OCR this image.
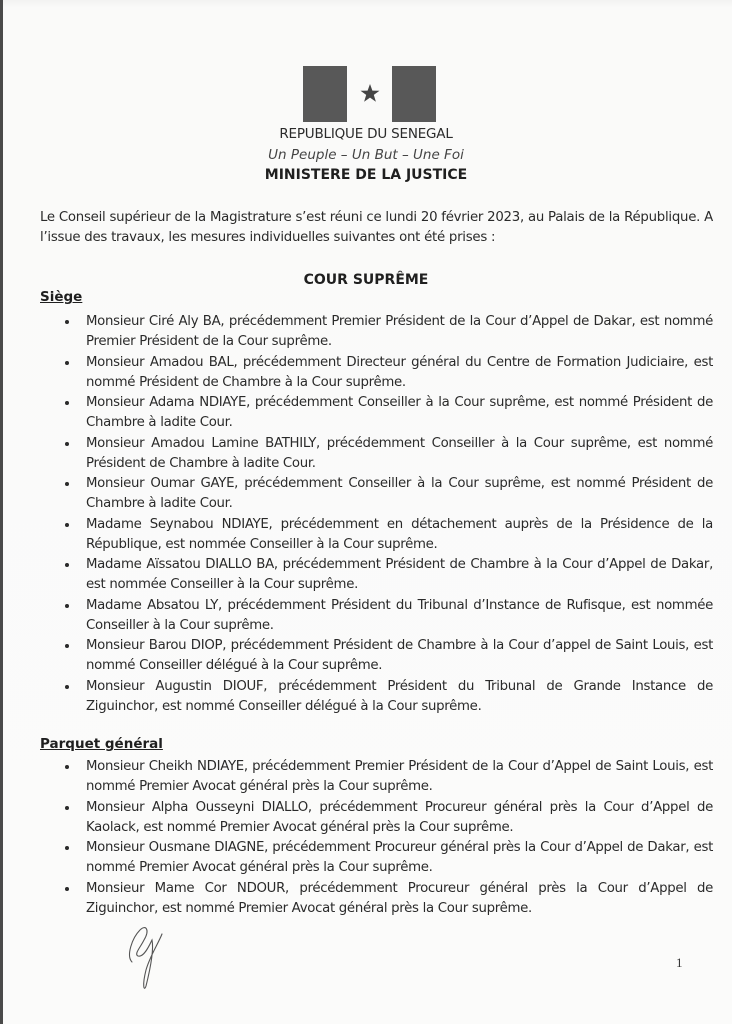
REPUBLIQUE DU SENEGAL
Un Peuple – Un But – Une Foi
MINISTERE DE LA JUSTICE
Le Conseil supérieur de la Magistrature s’est réuni ce lundi 20 février 2023, au Palais de la République. A l’issue des travaux, les mesures individuelles suivantes ont été prises :
COUR SUPRÊME
Siège
Monsieur Ciré Aly BA, précédemment Premier Président de la Cour d’Appel de Dakar, est nommé Premier Président de la Cour suprême.
Monsieur Amadou BAL, précédemment Directeur général du Centre de Formation Judiciaire, est nommé Président de Chambre à la Cour suprême.
Monsieur Adama NDIAYE, précédemment Conseiller à la Cour suprême, est nommé Président de Chambre à ladite Cour.
Monsieur Amadou Lamine BATHILY, précédemment Conseiller à la Cour suprême, est nommé Président de Chambre à ladite Cour.
Monsieur Oumar GAYE, précédemment Conseiller à la Cour suprême, est nommé Président de Chambre à ladite Cour.
Madame Seynabou NDIAYE, précédemment en détachement auprès de la Présidence de la République, est nommée Conseiller à la Cour suprême.
Madame Aïssatou DIALLO BA, précédemment Président de Chambre à la Cour d’Appel de Dakar, est nommée Conseiller à la Cour suprême.
Madame Absatou LY, précédemment Président du Tribunal d’Instance de Rufisque, est nommée Conseiller à la Cour suprême.
Monsieur Barou DIOP, précédemment Président de Chambre à la Cour d’appel de Saint Louis, est nommé Conseiller délégué à la Cour suprême.
Monsieur Augustin DIOUF, précédemment Président du Tribunal de Grande Instance de Ziguinchor, est nommé Conseiller délégué à la Cour suprême.
Parquet général
Monsieur Cheikh NDIAYE, précédemment Premier Président de la Cour d’Appel de Saint Louis, est nommé Premier Avocat général près la Cour suprême.
Monsieur Alpha Ousseyni DIALLO, précédemment Procureur général près la Cour d’Appel de Kaolack, est nommé Premier Avocat général près la Cour suprême.
Monsieur Ousmane DIAGNE, précédemment Procureur général près la Cour d’Appel de Dakar, est nommé Premier Avocat général près la Cour suprême.
Monsieur Mame Cor NDOUR, précédemment Procureur général près la Cour d’Appel de Ziguinchor, est nommé Premier Avocat général près la Cour suprême.
1
